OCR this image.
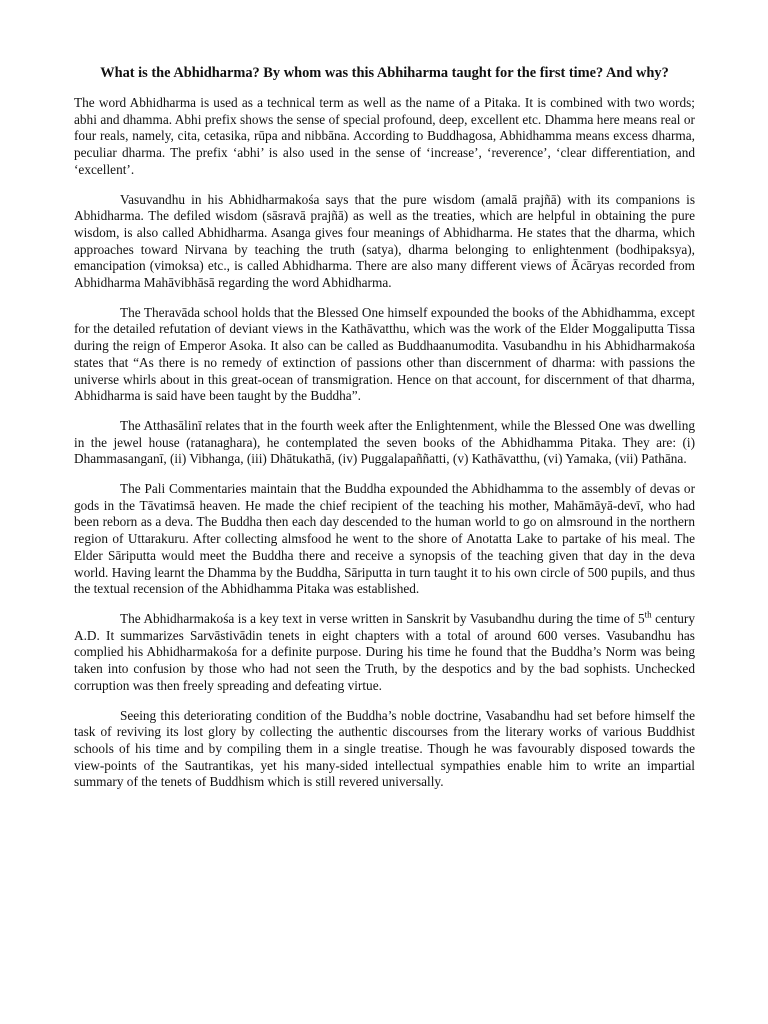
What is the Abhidharma? By whom was this Abhiharma taught for the first time? And why?

The word Abhidharma is used as a technical term as well as the name of a Pitaka. It is combined with two words; abhi and dhamma. Abhi prefix shows the sense of special profound, deep, excellent etc. Dhamma here means real or four reals, namely, cita, cetasika, rūpa and nibbāna. According to Buddhagosa, Abhidhamma means excess dharma, peculiar dharma. The prefix ‘abhi’ is also used in the sense of ‘increase’, ‘reverence’, ‘clear differentiation, and ‘excellent’.

Vasuvandhu in his Abhidharmakośa says that the pure wisdom (amalā prajñā) with its companions is Abhidharma. The defiled wisdom (sāsravā prajñā) as well as the treaties, which are helpful in obtaining the pure wisdom, is also called Abhidharma. Asanga gives four meanings of Abhidharma. He states that the dharma, which approaches toward Nirvana by teaching the truth (satya), dharma belonging to enlightenment (bodhipaksya), emancipation (vimoksa) etc., is called Abhidharma. There are also many different views of Ācāryas recorded from Abhidharma Mahāvibhāsā regarding the word Abhidharma.

The Theravāda school holds that the Blessed One himself expounded the books of the Abhidhamma, except for the detailed refutation of deviant views in the Kathāvatthu, which was the work of the Elder Moggaliputta Tissa during the reign of Emperor Asoka. It also can be called as Buddhaanumodita. Vasubandhu in his Abhidharmakośa states that “As there is no remedy of extinction of passions other than discernment of dharma: with passions the universe whirls about in this great-ocean of transmigration. Hence on that account, for discernment of that dharma, Abhidharma is said have been taught by the Buddha”.

The Atthasālinī relates that in the fourth week after the Enlightenment, while the Blessed One was dwelling in the jewel house (ratanaghara), he contemplated the seven books of the Abhidhamma Pitaka. They are: (i) Dhammasanganī, (ii) Vibhanga, (iii) Dhātukathā, (iv) Puggalapaññatti, (v) Kathāvatthu, (vi) Yamaka, (vii) Pathāna.

The Pali Commentaries maintain that the Buddha expounded the Abhidhamma to the assembly of devas or gods in the Tāvatimsā heaven. He made the chief recipient of the teaching his mother, Mahāmāyā-devī, who had been reborn as a deva. The Buddha then each day descended to the human world to go on almsround in the northern region of Uttarakuru. After collecting almsfood he went to the shore of Anotatta Lake to partake of his meal. The Elder Sāriputta would meet the Buddha there and receive a synopsis of the teaching given that day in the deva world. Having learnt the Dhamma by the Buddha, Sāriputta in turn taught it to his own circle of 500 pupils, and thus the textual recension of the Abhidhamma Pitaka was established.

The Abhidharmakośa is a key text in verse written in Sanskrit by Vasubandhu during the time of 5th century A.D. It summarizes Sarvāstivādin tenets in eight chapters with a total of around 600 verses. Vasubandhu has complied his Abhidharmakośa for a definite purpose. During his time he found that the Buddha’s Norm was being taken into confusion by those who had not seen the Truth, by the despotics and by the bad sophists. Unchecked corruption was then freely spreading and defeating virtue.

Seeing this deteriorating condition of the Buddha’s noble doctrine, Vasabandhu had set before himself the task of reviving its lost glory by collecting the authentic discourses from the literary works of various Buddhist schools of his time and by compiling them in a single treatise. Though he was favourably disposed towards the view-points of the Sautrantikas, yet his many-sided intellectual sympathies enable him to write an impartial summary of the tenets of Buddhism which is still revered universally.
